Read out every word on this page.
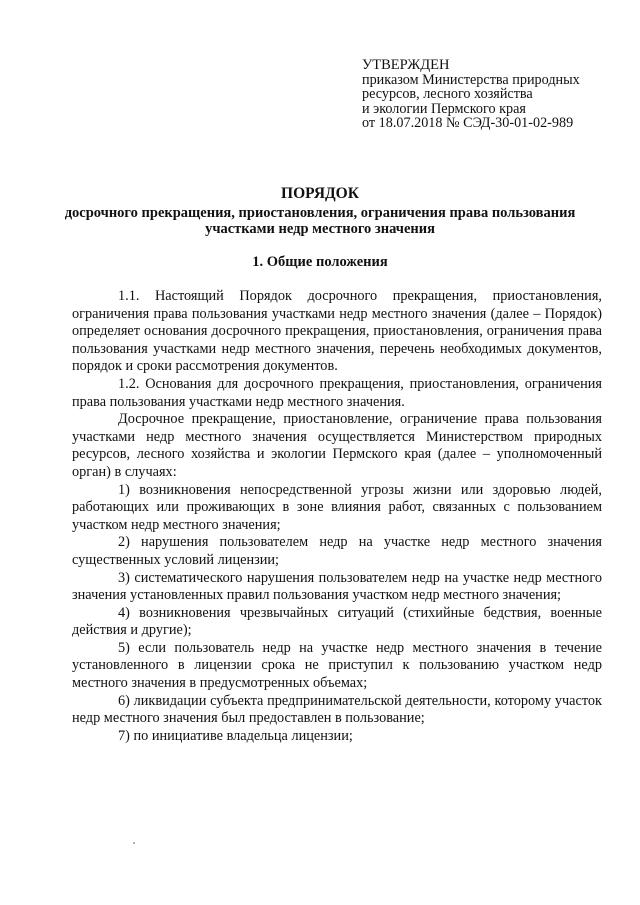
УТВЕРЖДЕН
приказом Министерства природных
ресурсов, лесного хозяйства
и экологии Пермского края
от 18.07.2018 № СЭД-30-01-02-989
ПОРЯДОК
досрочного прекращения, приостановления, ограничения права пользования
участками недр местного значения
1. Общие положения

1.1. Настоящий Порядок досрочного прекращения, приостановления, ограничения права пользования участками недр местного значения (далее – Порядок) определяет основания досрочного прекращения, приостановления, ограничения права пользования участками недр местного значения, перечень необходимых документов, порядок и сроки рассмотрения документов.

1.2. Основания для досрочного прекращения, приостановления, ограничения права пользования участками недр местного значения.

Досрочное прекращение, приостановление, ограничение права пользования участками недр местного значения осуществляется Министерством природных ресурсов, лесного хозяйства и экологии Пермского края (далее – уполномоченный орган) в случаях:

1) возникновения непосредственной угрозы жизни или здоровью людей, работающих или проживающих в зоне влияния работ, связанных с пользованием участком недр местного значения;

2) нарушения пользователем недр на участке недр местного значения существенных условий лицензии;

3) систематического нарушения пользователем недр на участке недр местного значения установленных правил пользования участком недр местного значения;

4) возникновения чрезвычайных ситуаций (стихийные бедствия, военные действия и другие);

5) если пользователь недр на участке недр местного значения в течение установленного в лицензии срока не приступил к пользованию участком недр местного значения в предусмотренных объемах;

6) ликвидации субъекта предпринимательской деятельности, которому участок недр местного значения был предоставлен в пользование;

7) по инициативе владельца лицензии;
